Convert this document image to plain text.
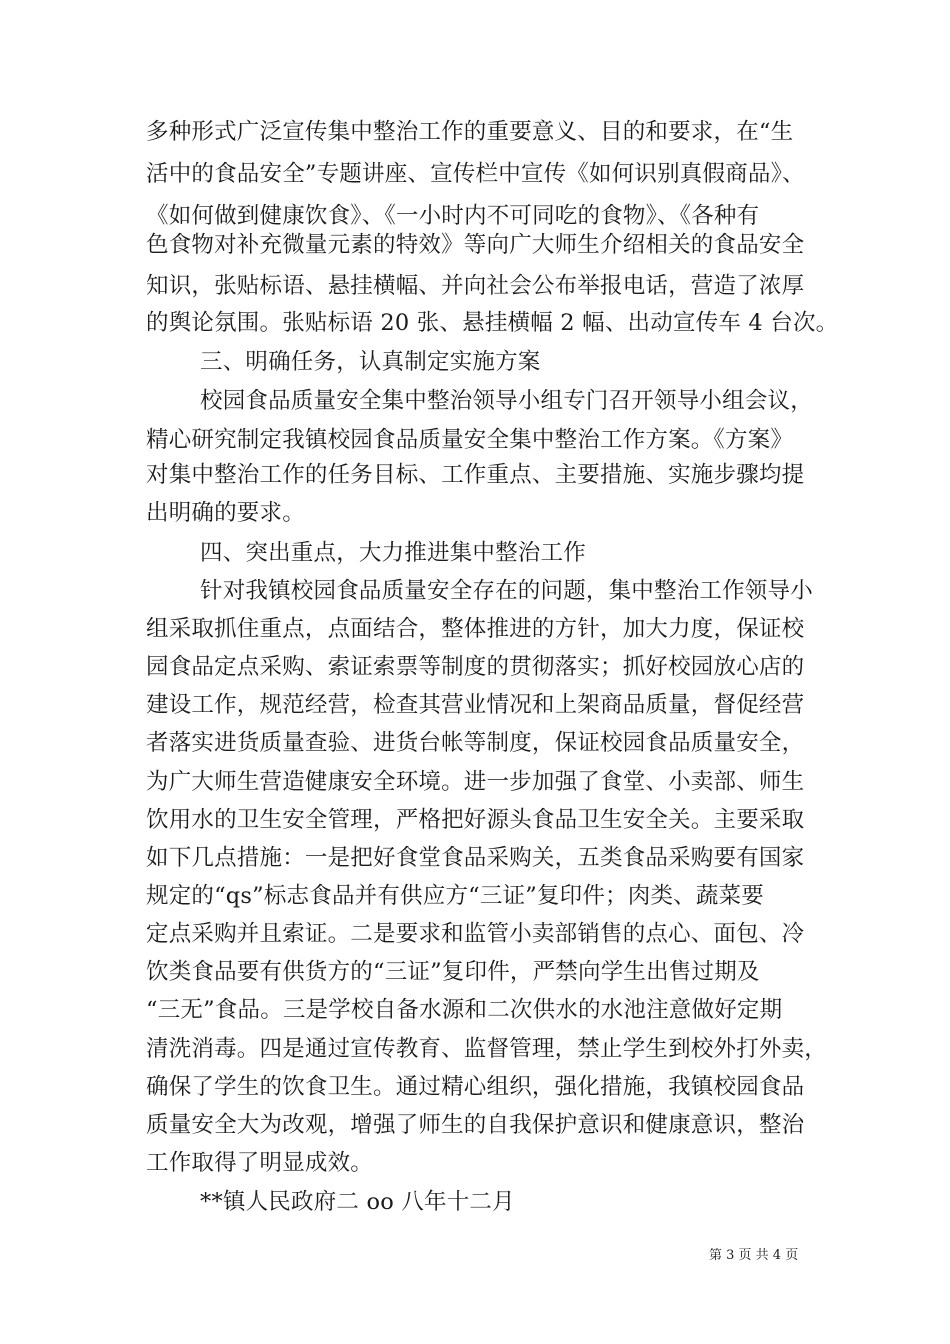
多种形式广泛宣传集中整治工作的重要意义、目的和要求，在“生
活中的食品安全”专题讲座、宣传栏中宣传《如何识别真假商品》、
《如何做到健康饮食》、《一小时内不可同吃的食物》、《各种有
色食物对补充微量元素的特效》等向广大师生介绍相关的食品安全
知识，张贴标语、悬挂横幅、并向社会公布举报电话，营造了浓厚
的舆论氛围。张贴标语 20 张、悬挂横幅 2 幅、出动宣传车 4 台次。
三、明确任务，认真制定实施方案
校园食品质量安全集中整治领导小组专门召开领导小组会议，
精心研究制定我镇校园食品质量安全集中整治工作方案。《方案》
对集中整治工作的任务目标、工作重点、主要措施、实施步骤均提
出明确的要求。
四、突出重点，大力推进集中整治工作
针对我镇校园食品质量安全存在的问题，集中整治工作领导小
组采取抓住重点，点面结合，整体推进的方针，加大力度，保证校
园食品定点采购、索证索票等制度的贯彻落实；抓好校园放心店的
建设工作，规范经营，检查其营业情况和上架商品质量，督促经营
者落实进货质量查验、进货台帐等制度，保证校园食品质量安全，
为广大师生营造健康安全环境。进一步加强了食堂、小卖部、师生
饮用水的卫生安全管理，严格把好源头食品卫生安全关。主要采取
如下几点措施：一是把好食堂食品采购关，五类食品采购要有国家
规定的“qs”标志食品并有供应方“三证”复印件；肉类、蔬菜要
定点采购并且索证。二是要求和监管小卖部销售的点心、面包、冷
饮类食品要有供货方的“三证”复印件，严禁向学生出售过期及
“三无”食品。三是学校自备水源和二次供水的水池注意做好定期
清洗消毒。四是通过宣传教育、监督管理，禁止学生到校外打外卖，
确保了学生的饮食卫生。通过精心组织，强化措施，我镇校园食品
质量安全大为改观，增强了师生的自我保护意识和健康意识，整治
工作取得了明显成效。
**镇人民政府二 oo 八年十二月
第 3 页 共 4 页
